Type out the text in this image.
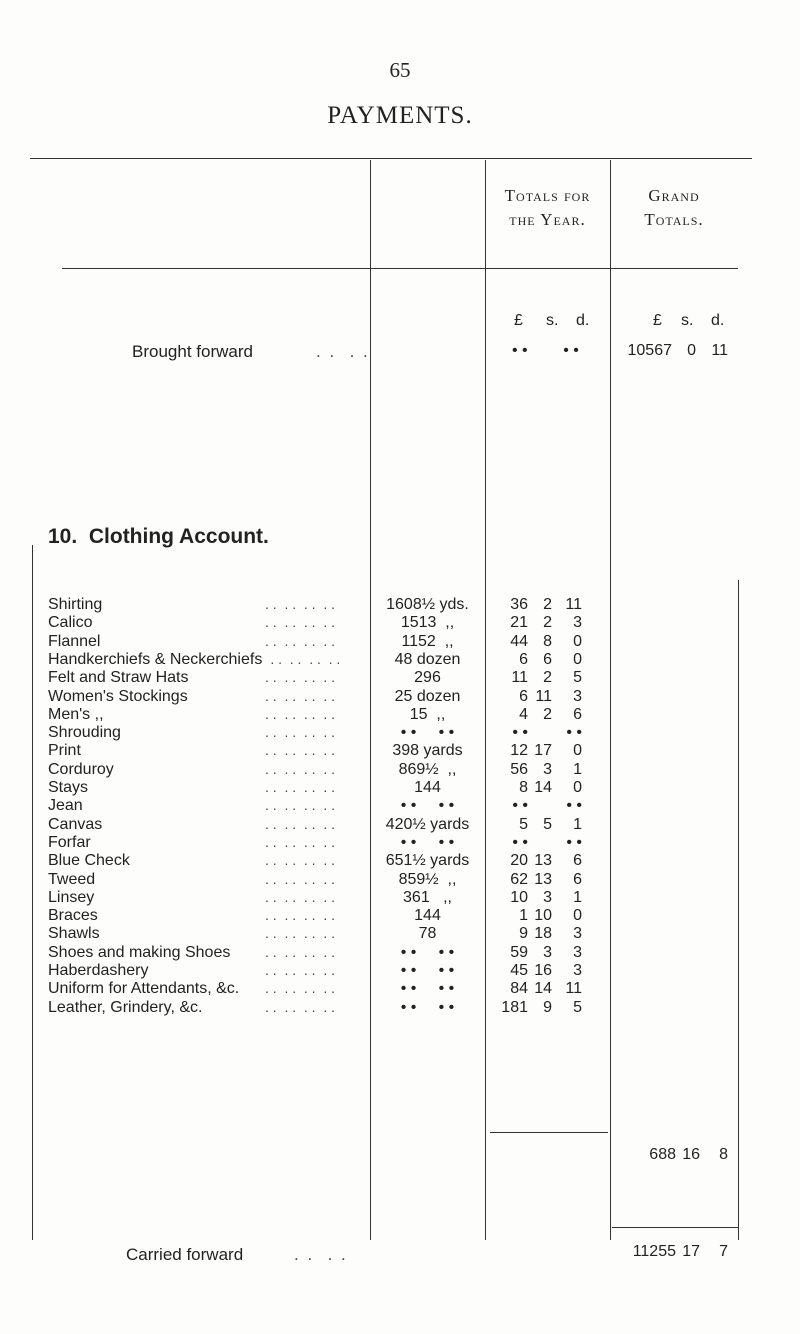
65
PAYMENTS.
Totals for
the Year.
Grand
Totals.
£ s. d.	£ s. d.
Brought forward	. .  . .	• •        • •	10567 0 11
10.  Clothing Account.
Shirting	. .  . .  . .  . .	1608½ yds.	36 2 11
Calico	. .  . .  . .  . .	1513  ,,	21 2	3
Flannel	. .  . .  . .  . .	1152  ,,	44 8	0
Handkerchiefs & Neckerchiefs . .  . .  . .  . .	48 dozen	6 6	0
Felt and Straw Hats	. .  . .  . .  . .	296	11 2	5
Women's Stockings	. .  . .  . .  . .	25 dozen	6 11	3
Men's ,,	. .  . .  . .  . .	15  ,,	4 2	6
Shrouding	. .  . .  . .  . .	• •     • •	• •	• •
Print	. .  . .  . .  . .	398 yards	12 17	0
Corduroy	. .  . .  . .  . .	869½  ,,	56 3	1
Stays	. .  . .  . .  . .	144	8 14	0
Jean	. .  . .  . .  . .	• •     • •	• •	• •
Canvas	. .  . .  . .  . .	420½ yards	5 5	1
Forfar	. .  . .  . .  . .	• •     • •	• •	• •
Blue Check	. .  . .  . .  . .	651½ yards	20 13	6
Tweed	. .  . .  . .  . .	859½  ,,	62 13	6
Linsey	. .  . .  . .  . .	361   ,,	10 3	1
Braces	. .  . .  . .  . .	144	1 10	0
Shawls	. .  . .  . .  . .	78	9 18	3
Shoes and making Shoes . .  . .  . .  . .	• •     • •	59 3	3
Haberdashery	. .  . .  . .  . .	• •     • •	45 16	3
Uniform for Attendants, &c. . .  . .  . .  . .	• •     • •	84 14 11
Leather, Grindery, &c.	. .  . .  . .  . .	• •     • •	181 9	5
688 16 8
Carried forward	. .  . .	11255 17 7
